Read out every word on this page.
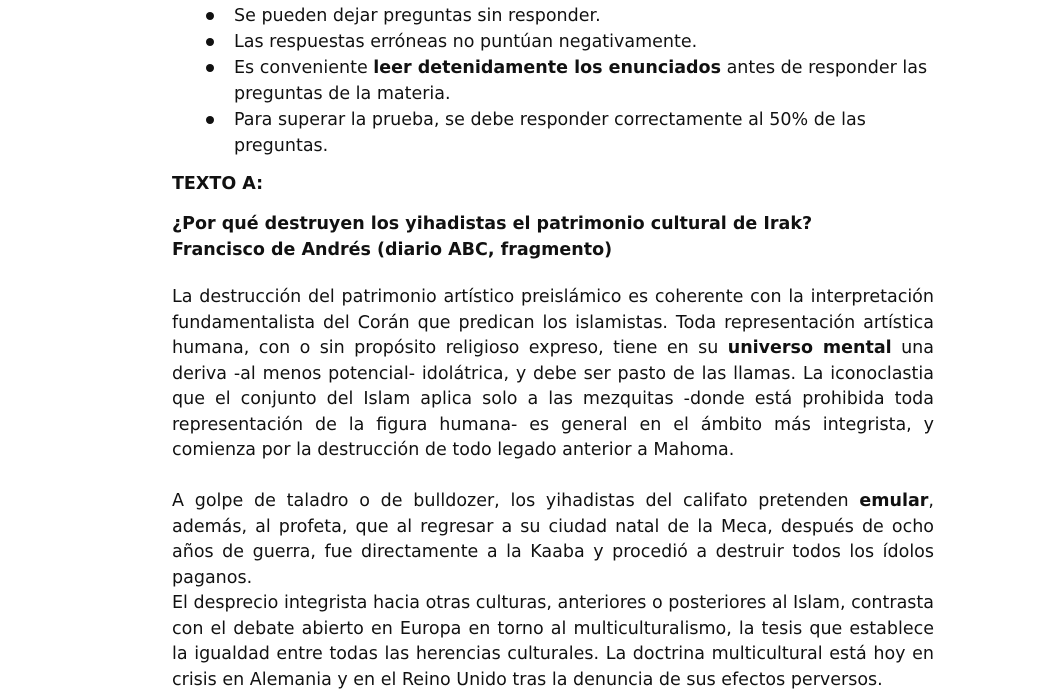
Se pueden dejar preguntas sin responder.
Las respuestas erróneas no puntúan negativamente.
Es conveniente leer detenidamente los enunciados antes de responder las preguntas de la materia.
Para superar la prueba, se debe responder correctamente al 50% de las preguntas.

TEXTO A:

¿Por qué destruyen los yihadistas el patrimonio cultural de Irak?
Francisco de Andrés (diario ABC, fragmento)

La destrucción del patrimonio artístico preislámico es coherente con la interpretación fundamentalista del Corán que predican los islamistas. Toda representación artística humana, con o sin propósito religioso expreso, tiene en su universo mental una deriva -al menos potencial- idolátrica, y debe ser pasto de las llamas. La iconoclastia que el conjunto del Islam aplica solo a las mezquitas -donde está prohibida toda representación de la figura humana- es general en el ámbito más integrista, y comienza por la destrucción de todo legado anterior a Mahoma.

A golpe de taladro o de bulldozer, los yihadistas del califato pretenden emular, además, al profeta, que al regresar a su ciudad natal de la Meca, después de ocho años de guerra, fue directamente a la Kaaba y procedió a destruir todos los ídolos paganos.

El desprecio integrista hacia otras culturas, anteriores o posteriores al Islam, contrasta con el debate abierto en Europa en torno al multiculturalismo, la tesis que establece la igualdad entre todas las herencias culturales. La doctrina multicultural está hoy en crisis en Alemania y en el Reino Unido tras la denuncia de sus efectos perversos.
